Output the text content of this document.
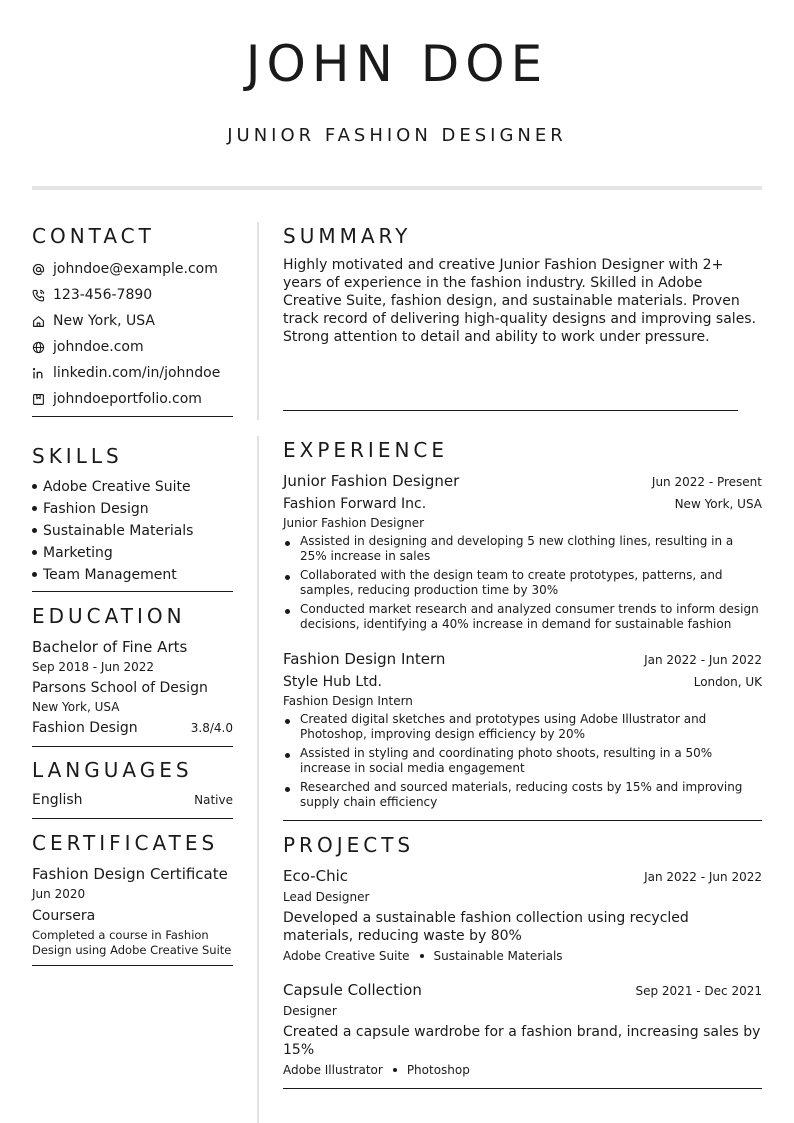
JOHN DOE
JUNIOR FASHION DESIGNER
CONTACT
johndoe@example.com
123-456-7890
New York, USA
johndoe.com
linkedin.com/in/johndoe
johndoeportfolio.com
SKILLS
Adobe Creative Suite
Fashion Design
Sustainable Materials
Marketing
Team Management
EDUCATION
Bachelor of Fine Arts
Sep 2018 - Jun 2022
Parsons School of Design
New York, USA
Fashion Design	3.8/4.0
LANGUAGES
English	Native
CERTIFICATES
Fashion Design Certificate
Jun 2020
Coursera
Completed a course in Fashion Design using Adobe Creative Suite
SUMMARY
Highly motivated and creative Junior Fashion Designer with 2+ years of experience in the fashion industry. Skilled in Adobe Creative Suite, fashion design, and sustainable materials. Proven track record of delivering high-quality designs and improving sales. Strong attention to detail and ability to work under pressure.
EXPERIENCE
Junior Fashion Designer	Jun 2022 - Present
Fashion Forward Inc.	New York, USA
Junior Fashion Designer
Assisted in designing and developing 5 new clothing lines, resulting in a 25% increase in sales
Collaborated with the design team to create prototypes, patterns, and samples, reducing production time by 30%
Conducted market research and analyzed consumer trends to inform design decisions, identifying a 40% increase in demand for sustainable fashion
Fashion Design Intern	Jan 2022 - Jun 2022
Style Hub Ltd.	London, UK
Fashion Design Intern
Created digital sketches and prototypes using Adobe Illustrator and Photoshop, improving design efficiency by 20%
Assisted in styling and coordinating photo shoots, resulting in a 50% increase in social media engagement
Researched and sourced materials, reducing costs by 15% and improving supply chain efficiency
PROJECTS
Eco-Chic	Jan 2022 - Jun 2022
Lead Designer
Developed a sustainable fashion collection using recycled materials, reducing waste by 80%
Adobe Creative Suite Sustainable Materials
Capsule Collection	Sep 2021 - Dec 2021
Designer
Created a capsule wardrobe for a fashion brand, increasing sales by 15%
Adobe Illustrator Photoshop
